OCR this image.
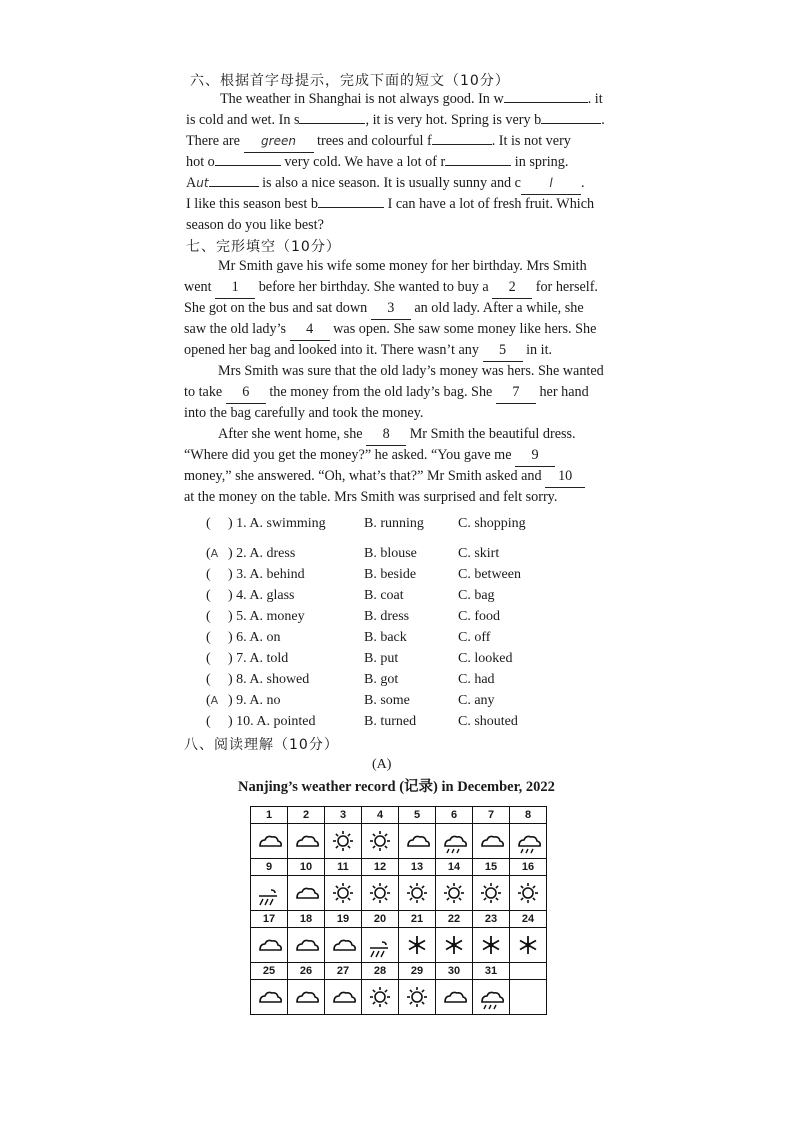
六、根据首字母提示，完成下面的短文（10分）
The weather in Shanghai is not always good. In w	. it
is cold and wet. In s	, it is very hot. Spring is very b	.
There are green trees and colourful f	. It is not very
hot o	very cold. We have a lot of r	in spring.
Aut	is also a nice season. It is usually sunny and c l .
I like this season best b	I can have a lot of fresh fruit. Which
season do you like best?
七、完形填空（10分）
Mr Smith gave his wife some money for her birthday. Mrs Smith
went 1 before her birthday. She wanted to buy a 2 for herself.
She got on the bus and sat down 3 an old lady. After a while, she
saw the old lady’s 4 was open. She saw some money like hers. She
opened her bag and looked into it. There wasn’t any 5 in it.
Mrs Smith was sure that the old lady’s money was hers. She wanted
to take 6 the money from the old lady’s bag. She 7 her hand
into the bag carefully and took the money.
After she went home, she 8 Mr Smith the beautiful dress.
“Where did you get the money?” he asked. “You gave me 9
money,” she answered. “Oh, what’s that?” Mr Smith asked and 10
at the money on the table. Mrs Smith was surprised and felt sorry.
(	) 1. A. swimming	B. running C. shopping
(A ) 2. A. dress	B. blouse	C. skirt
(	) 3. A. behind	B. beside	C. between
(	) 4. A. glass	B. coat	C. bag
(	) 5. A. money	B. dress	C. food
(	) 6. A. on	B. back	C. off
(	) 7. A. told	B. put	C. looked
(	) 8. A. showed	B. got	C. had
(A ) 9. A. no	B. some	C. any
(	) 10. A. pointed	B. turned	C. shouted
八、阅读理解（10分）
(A)
Nanjing’s weather record (记录) in December, 2022
1	2	3	4	5	6	7	8

9	10	11	12	13	14	15	16

17	18	19	20	21	22	23	24

25	26	27	28	29	30	31	
